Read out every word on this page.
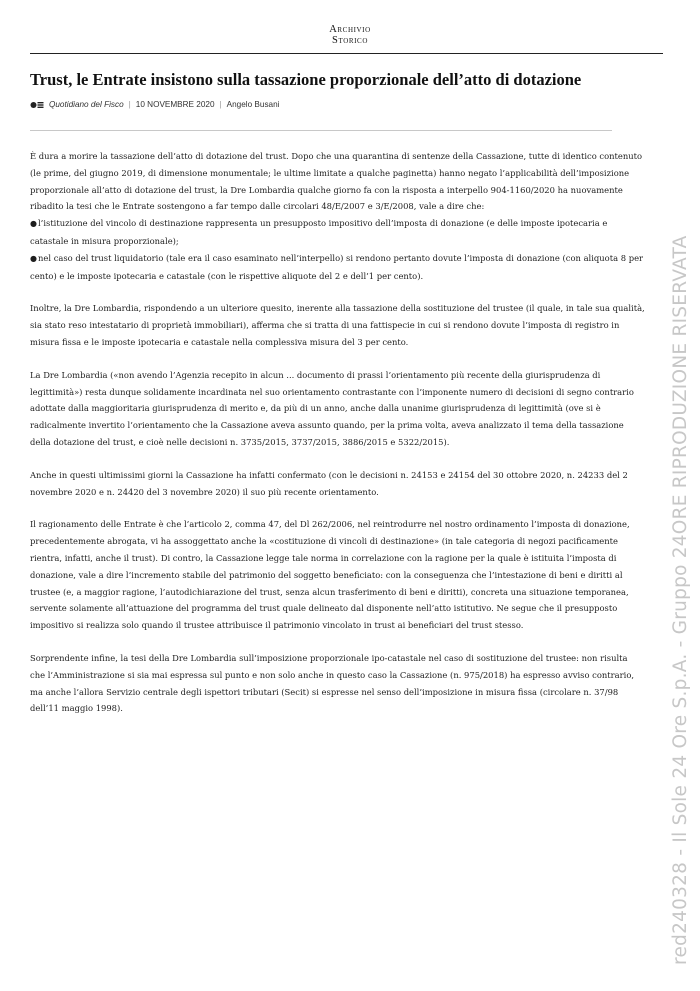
Archivio
Storico
Trust, le Entrate insistono sulla tassazione proporzionale dell’atto di dotazione
Quotidiano del Fisco | 10 NOVEMBRE 2020 | Angelo Busani

È dura a morire la tassazione dell’atto di dotazione del trust. Dopo che una quarantina di sentenze della Cassazione, tutte di identico contenuto (le prime, del giugno 2019, di dimensione monumentale; le ultime limitate a qualche paginetta) hanno negato l’applicabilità dell’imposizione proporzionale all’atto di dotazione del trust, la Dre Lombardia qualche giorno fa con la risposta a interpello 904-1160/2020 ha nuovamente ribadito la tesi che le Entrate sostengono a far tempo dalle circolari 48/E/2007 e 3/E/2008, vale a dire che:
●l’istituzione del vincolo di destinazione rappresenta un presupposto impositivo dell’imposta di donazione (e delle imposte ipotecaria e catastale in misura proporzionale);
●nel caso del trust liquidatorio (tale era il caso esaminato nell’interpello) si rendono pertanto dovute l’imposta di donazione (con aliquota 8 per cento) e le imposte ipotecaria e catastale (con le rispettive aliquote del 2 e dell’1 per cento).

Inoltre, la Dre Lombardia, rispondendo a un ulteriore quesito, inerente alla tassazione della sostituzione del trustee (il quale, in tale sua qualità, sia stato reso intestatario di proprietà immobiliari), afferma che si tratta di una fattispecie in cui si rendono dovute l’imposta di registro in misura fissa e le imposte ipotecaria e catastale nella complessiva misura del 3 per cento.

La Dre Lombardia («non avendo l’Agenzia recepito in alcun ... documento di prassi l’orientamento più recente della giurisprudenza di legittimità») resta dunque solidamente incardinata nel suo orientamento contrastante con l’imponente numero di decisioni di segno contrario adottate dalla maggioritaria giurisprudenza di merito e, da più di un anno, anche dalla unanime giurisprudenza di legittimità (ove si è radicalmente invertito l’orientamento che la Cassazione aveva assunto quando, per la prima volta, aveva analizzato il tema della tassazione della dotazione del trust, e cioè nelle decisioni n. 3735/2015, 3737/2015, 3886/2015 e 5322/2015).

Anche in questi ultimissimi giorni la Cassazione ha infatti confermato (con le decisioni n. 24153 e 24154 del 30 ottobre 2020, n. 24233 del 2 novembre 2020 e n. 24420 del 3 novembre 2020) il suo più recente orientamento.

Il ragionamento delle Entrate è che l’articolo 2, comma 47, del Dl 262/2006, nel reintrodurre nel nostro ordinamento l’imposta di donazione, precedentemente abrogata, vi ha assoggettato anche la «costituzione di vincoli di destinazione» (in tale categoria di negozi pacificamente rientra, infatti, anche il trust). Di contro, la Cassazione legge tale norma in correlazione con la ragione per la quale è istituita l’imposta di donazione, vale a dire l’incremento stabile del patrimonio del soggetto beneficiato: con la conseguenza che l’intestazione di beni e diritti al trustee (e, a maggior ragione, l’autodichiarazione del trust, senza alcun trasferimento di beni e diritti), concreta una situazione temporanea, servente solamente all’attuazione del programma del trust quale delineato dal disponente nell’atto istitutivo. Ne segue che il presupposto impositivo si realizza solo quando il trustee attribuisce il patrimonio vincolato in trust ai beneficiari del trust stesso.

Sorprendente infine, la tesi della Dre Lombardia sull’imposizione proporzionale ipo-catastale nel caso di sostituzione del trustee: non risulta che l’Amministrazione si sia mai espressa sul punto e non solo anche in questo caso la Cassazione (n. 975/2018) ha espresso avviso contrario, ma anche l’allora Servizio centrale degli ispettori tributari (Secit) si espresse nel senso dell’imposizione in misura fissa (circolare n. 37/98 dell’11 maggio 1998).	red240328 - Il Sole 24 Ore S.p.A. - Gruppo 24ORE RIPRODUZIONE RISERVATA
